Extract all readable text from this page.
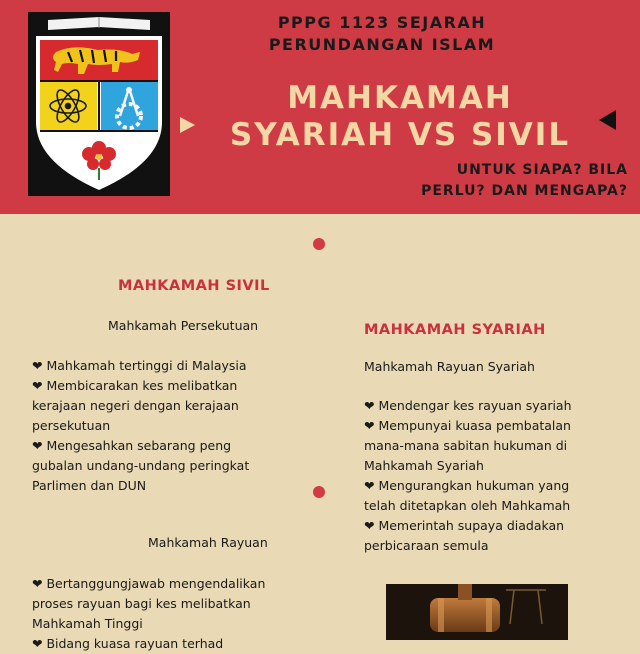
PPPG 1123 SEJARAH PERUNDANGAN ISLAM
MAHKAMAH
SYARIAH VS SIVIL
UNTUK SIAPA? BILA
PERLU? DAN MENGAPA?
MAHKAMAH SIVIL
Mahkamah Persekutuan
❤ Mahkamah tertinggi di Malaysia
❤ Membicarakan kes melibatkan
kerajaan negeri dengan kerajaan
persekutuan
❤ Mengesahkan sebarang peng
gubalan undang-undang peringkat
Parlimen dan DUN
Mahkamah Rayuan
❤ Bertanggungjawab mengendalikan
proses rayuan bagi kes melibatkan
Mahkamah Tinggi
❤ Bidang kuasa rayuan terhad
MAHKAMAH SYARIAH
Mahkamah Rayuan Syariah
❤ Mendengar kes rayuan syariah
❤ Mempunyai kuasa pembatalan
mana-mana sabitan hukuman di
Mahkamah Syariah
❤ Mengurangkan hukuman yang
telah ditetapkan oleh Mahkamah
❤ Memerintah supaya diadakan
perbicaraan semula
